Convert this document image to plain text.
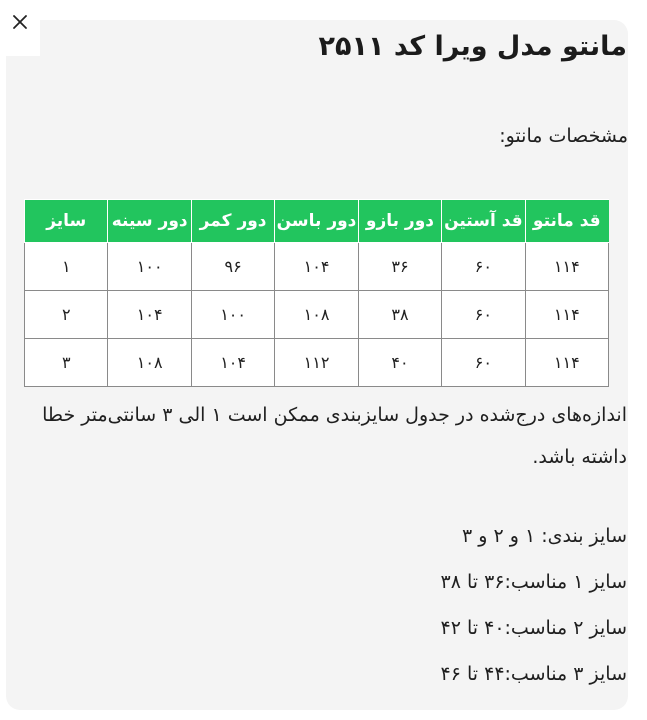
مانتو مدل ویرا کد ۲۵۱۱

مشخصات مانتو:

قد مانتو	قد آستین	دور بازو	دور باسن	دور کمر	دور سینه	سایز
۱۱۴	۶۰	۳۶	۱۰۴	۹۶	۱۰۰	۱
۱۱۴	۶۰	۳۸	۱۰۸	۱۰۰	۱۰۴	۲
۱۱۴	۶۰	۴۰	۱۱۲	۱۰۴	۱۰۸	۳

اندازه‌های درج‌شده در جدول سایزبندی ممکن است ۱ الی ۳ سانتی‌متر خطا داشته باشد.

سایز بندی: ۱ و ۲ و ۳
سایز ۱ مناسب:۳۶ تا ۳۸
سایز ۲ مناسب:۴۰ تا ۴۲
سایز ۳ مناسب:۴۴ تا ۴۶
